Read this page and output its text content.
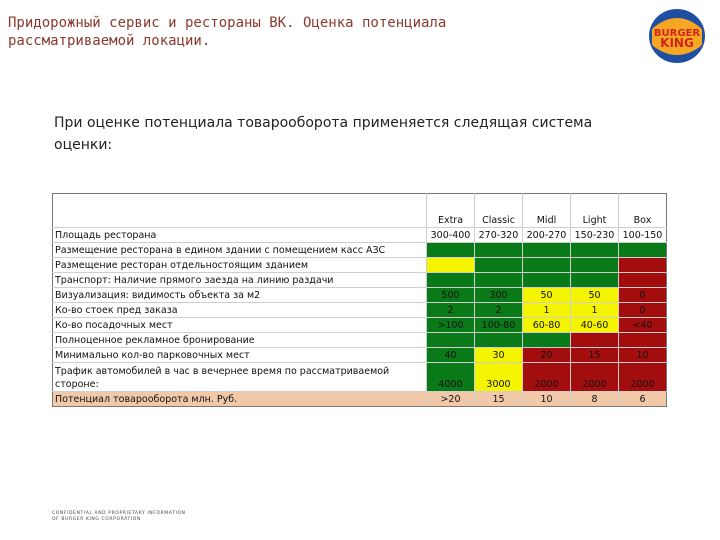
Придорожный сервис и рестораны BK. Оценка потенциала рассматриваемой локации.	BURGER
KING
При оценке потенциала товарооборота применяется следящая система оценки:
	Extra	Classic	Midl	Light	Box
Площадь ресторана	300-400	270-320	200-270	150-230	100-150
Размещение ресторана в едином здании с помещением касс АЗС					
Размещение ресторан отдельностоящим зданием					
Транспорт: Наличие прямого заезда на линию раздачи					
Визуализация: видимость объекта за м2	500	300	50	50	0
Ко-во стоек пред заказа	2	2	1	1	0
Ко-во посадочных мест	>100	100-80	60-80	40-60	<40
Полноценное рекламное бронирование					
Минимально кол-во парковочных мест	40	30	20	15	10
Трафик автомобилей в час в вечернее время по рассматриваемой стороне:	4000	3000	2000	2000	2000
Потенциал товарооборота млн. Руб.	>20	15	10	8	6
CONFIDENTIAL AND PROPRIETARY INFORMATION
OF BURGER KING CORPORATION
